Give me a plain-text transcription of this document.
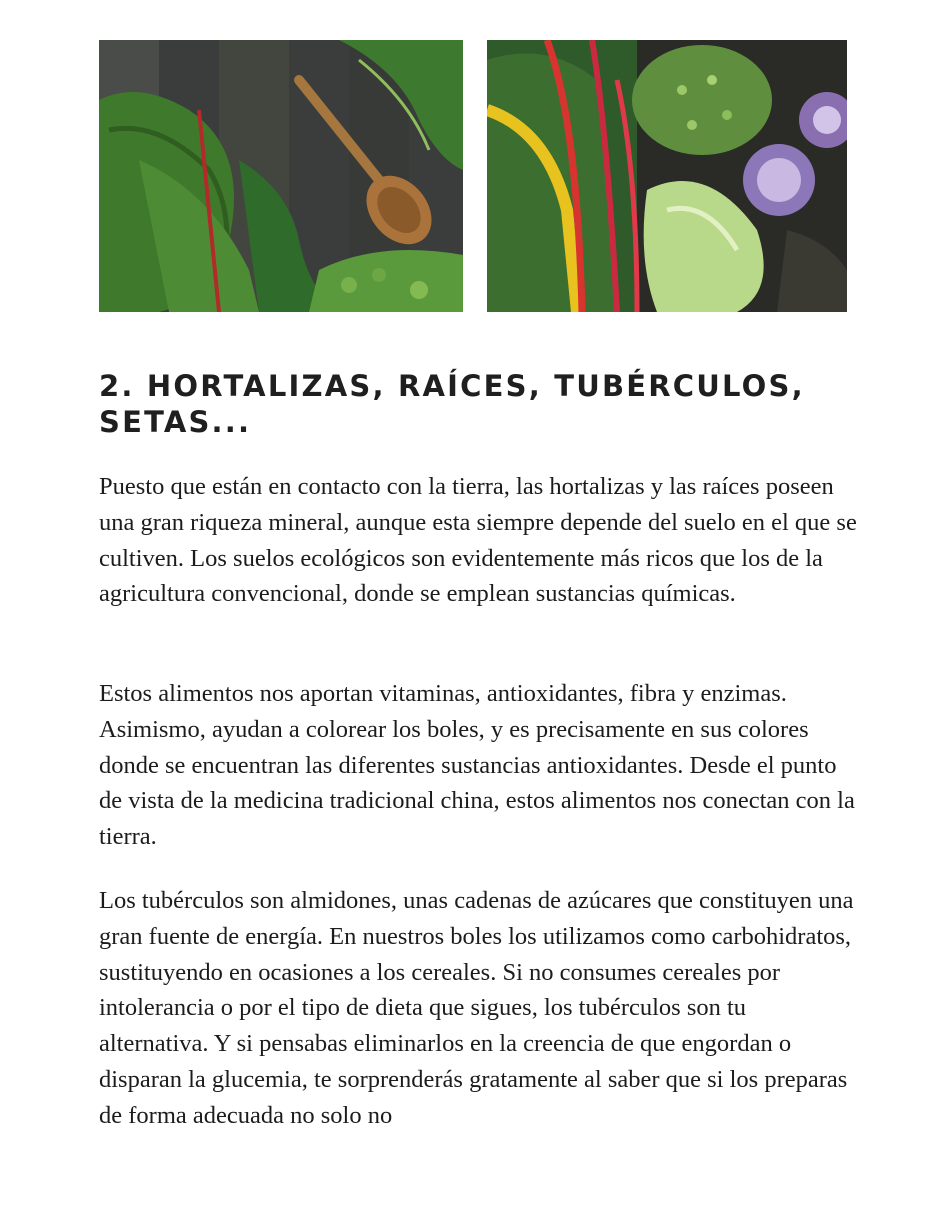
2. HORTALIZAS, RAÍCES, TUBÉRCULOS, SETAS...

Puesto que están en contacto con la tierra, las hortalizas y las raíces poseen una gran riqueza mineral, aunque esta siempre depende del suelo en el que se cultiven. Los suelos ecológicos son evidentemente más ricos que los de la agricultura convencional, donde se emplean sustancias químicas.

Estos alimentos nos aportan vitaminas, antioxidantes, fibra y enzimas. Asimismo, ayudan a colorear los boles, y es precisamente en sus colores donde se encuentran las diferentes sustancias antioxidantes. Desde el punto de vista de la medicina tradicional china, estos alimentos nos conectan con la tierra.

Los tubérculos son almidones, unas cadenas de azúcares que constituyen una gran fuente de energía. En nuestros boles los utilizamos como carbohidratos, sustituyendo en ocasiones a los cereales. Si no consumes cereales por intolerancia o por el tipo de dieta que sigues, los tubérculos son tu alternativa. Y si pensabas eliminarlos en la creencia de que engordan o disparan la glucemia, te sorprenderás gratamente al saber que si los preparas de forma adecuada no solo no
